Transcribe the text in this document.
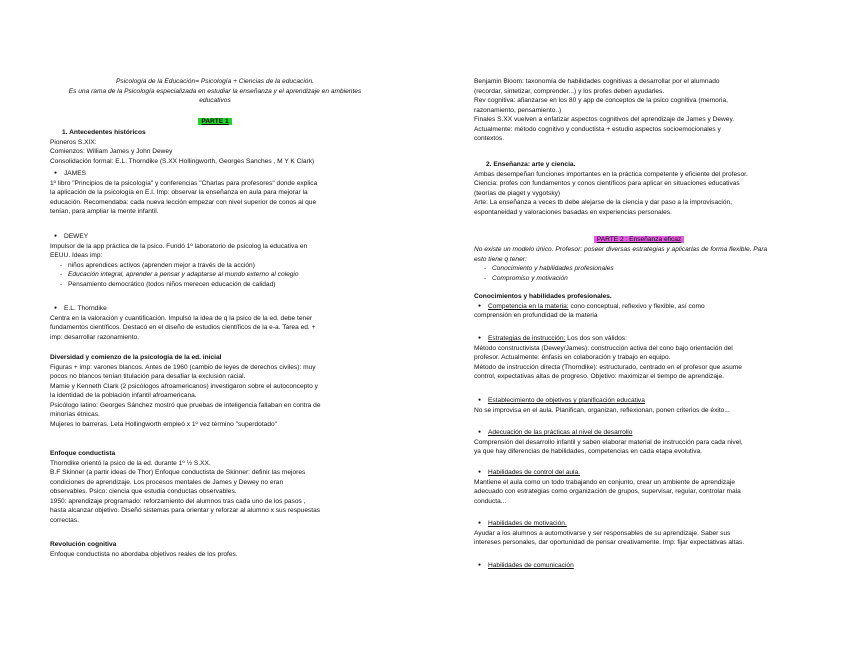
Psicología de la Educación= Psicología + Ciencias de la educación.
Es una rama de la Psicología especializada en estudiar la enseñanza y el aprendizaje en ambientes
educativos
PARTE 1
1. Antecedentes históricos
Pioneros S.XIX:
Comienzos: William James y John Dewey
Consolidación formal: E.L. Thorndike (S.XX Hollingworth, Georges Sanches , M Y K Clark)
● JAMES
1º libro "Principios de la psicología" y conferencias "Charlas para profesores" donde explica
la aplicación de la psicología en E.I. Imp: observar la enseñanza en aula para mejorar la
educación. Recomendaba: cada nueva lección empezar con nivel superior de conos al que
tenían, para ampliar la mente infantil.
● DEWEY
Impulsor de la app práctica de la psico. Fundó 1º laboratorio de psicolog la educativa en
EEUU. Ideas imp:
- niños aprendices activos (aprenden mejor a través de la acción)
- Educación integral, aprender a pensar y adaptarse al mundo externo al colegio
- Pensamiento democrático (todos niños merecen educación de calidad)
● E.L. Thorndike
Centra en la valoración y cuantificación. Impulsó la idea de q la psico de la ed. debe tener
fundamentos científicos. Destacó en el diseño de estudios científicos de la e-a. Tarea ed. +
imp: desarrollar razonamiento.
Diversidad y comienzo de la psicología de la ed. inicial
Figuras + imp: varones blancos. Antes de 1960 (cambio de leyes de derechos civiles): muy
pocos no blancos tenían titulación para desafiar la exclusión racial.
Mamie y Kenneth Clark (2 psicólogos afroamericanos) investigaron sobre el autoconcepto y
la identidad de la población infantil afroamericana.
Psicólogo latino: Georges Sánchez mostró que pruebas de inteligencia fallaban en contra de
minorías étnicas.
Mujeres lo barreras. Leta Hollingworth empleó x 1º vez término "superdotado"
Enfoque conductista
Thorndike orientó la psico de la ed. durante 1º ½ S.XX.
B.F Skinner (a partir ideas de Thor) Enfoque conductista de Skinner: definir las mejores
condiciones de aprendizaje. Los procesos mentales de James y Dewey no eran
observables. Psico: ciencia que estudia conductas observables.
1950: aprendizaje programado: reforzamiento del alumnos tras cada uno de los pasos ,
hasta alcanzar objetivo. Diseñó sistemas para orientar y reforzar al alumno x sus respuestas
correctas.
Revolución cognitiva
Enfoque conductista no abordaba objetivos reales de los profes.
Benjamin Bloom: taxonomía de habilidades cognitivas a desarrollar por el alumnado
(recordar, sintetizar, comprender...) y los profes deben ayudarles.
Rev cognitiva: afianzarse en los 80 y app de conceptos de la psico cognitiva (memoria,
razonamiento, pensamiento..)
Finales S.XX vuelven a enfatizar aspectos cognitivos del aprendizaje de James y Dewey.
Actualmente: método cognitivo y conductista + estudio aspectos socioemocionales y
contextos.
2. Enseñanza: arte y ciencia.
Ambas desempeñan funciones importantes en la práctica competente y eficiente del profesor.
Ciencia: profes con fundamentos y conos científicos para aplicar en situaciones educativas
(teorías de piaget y vygotsky)
Arte: La enseñanza a veces tb debe alejarse de la ciencia y dar paso a la improvisación,
espontaneidad y valoraciones basadas en experiencias personales.
PARTE 2 : Enseñanza eficaz
No existe un modelo único. Profesor: poseer diversas estrategias y aplicarlas de forma flexible. Para
esto tiene q tener:
- Conocimiento y habilidades profesionales
- Compromiso y motivación
Conocimientos y habilidades profesionales.
● Competencia en la materia: cono conceptual, reflexivo y flexible, así como
comprensión en profundidad de la materia
● Estrategias de instrucción: Los dos son válidos:
Método constructivista (Dewey/James): construcción activa del cono bajo orientación del
profesor. Actualmente: énfasis en colaboración y trabajo en equipo.
Método de instrucción directa (Thorndike): estructurado, centrado en el profesor que asume
control, expectativas altas de progreso. Objetivo: maximizar el tiempo de aprendizaje.
● Establecimiento de objetivos y planificación educativa
No se improvisa en el aula. Planifican, organizan, reflexionan, ponen criterios de éxito...
● Adecuación de las prácticas al nivel de desarrollo
Comprensión del desarrollo infantil y saben elaborar material de instrucción para cada nivel,
ya que hay diferencias de habilidades, competencias en cada etapa evolutiva.
● Habilidades de control del aula.
Mantiene el aula como un todo trabajando en conjunto, crear un ambiente de aprendizaje
adecuado con estrategias como organización de grupos, supervisar, regular, controlar mala
conducta...
● Habilidades de motivación.
Ayudar a los alumnos a automotivarse y ser responsables de su aprendizaje. Saber sus
intereses personales, dar oportunidad de pensar creativamente. Imp: fijar expectativas altas.
● Habilidades de comunicación
